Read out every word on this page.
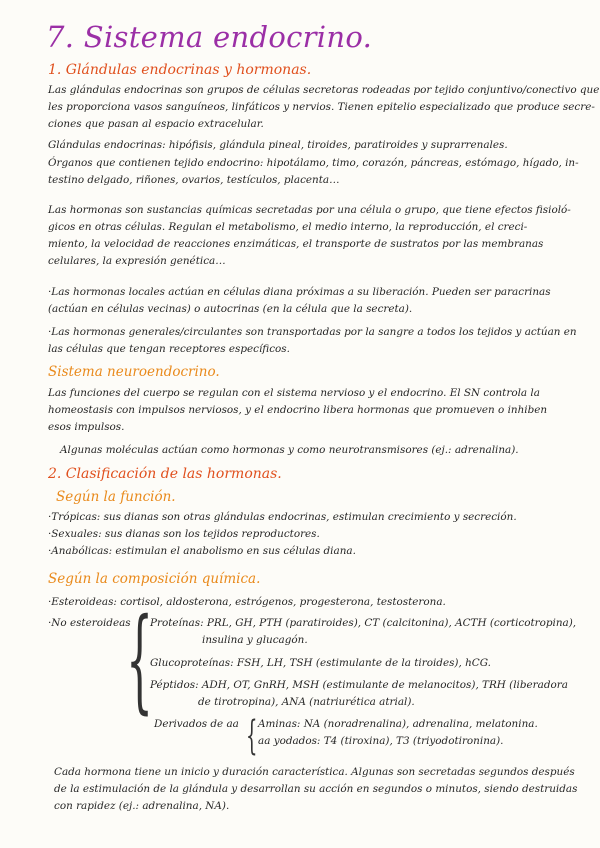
7. Sistema endocrino.
1. Glándulas endocrinas y hormonas.
Las glándulas endocrinas son grupos de células secretoras rodeadas por tejido conjuntivo/conectivo que
les proporciona vasos sanguíneos, linfáticos y nervios. Tienen epitelio especializado que produce secre-
ciones que pasan al espacio extracelular.
Glándulas endocrinas: hipófisis, glándula pineal, tiroides, paratiroides y suprarrenales.
Órganos que contienen tejido endocrino: hipotálamo, timo, corazón, páncreas, estómago, hígado, in-
testino delgado, riñones, ovarios, testículos, placenta…
Las hormonas son sustancias químicas secretadas por una célula o grupo, que tiene efectos fisioló-
gicos en otras células. Regulan el metabolismo, el medio interno, la reproducción, el creci-
miento, la velocidad de reacciones enzimáticas, el transporte de sustratos por las membranas
celulares, la expresión genética…
·Las hormonas locales actúan en células diana próximas a su liberación. Pueden ser paracrinas
(actúan en células vecinas) o autocrinas (en la célula que la secreta).
·Las hormonas generales/circulantes son transportadas por la sangre a todos los tejidos y actúan en
las células que tengan receptores específicos.
Sistema neuroendocrino.
Las funciones del cuerpo se regulan con el sistema nervioso y el endocrino. El SN controla la
homeostasis con impulsos nerviosos, y el endocrino libera hormonas que promueven o inhiben
esos impulsos.
Algunas moléculas actúan como hormonas y como neurotransmisores (ej.: adrenalina).
2. Clasificación de las hormonas.
Según la función.
·Trópicas: sus dianas son otras glándulas endocrinas, estimulan crecimiento y secreción.
·Sexuales: sus dianas son los tejidos reproductores.
·Anabólicas: estimulan el anabolismo en sus células diana.
Según la composición química.
·Esteroideas: cortisol, aldosterona, estrógenos, progesterona, testosterona.
·No esteroideas
{
Proteínas: PRL, GH, PTH (paratiroides), CT (calcitonina), ACTH (corticotropina),
insulina y glucagón.
Glucoproteínas: FSH, LH, TSH (estimulante de la tiroides), hCG.
Péptidos: ADH, OT, GnRH, MSH (estimulante de melanocitos), TRH (liberadora
de tirotropina), ANA (natriurética atrial).
Derivados de aa { Aminas: NA (noradrenalina), adrenalina, melatonina.
aa yodados: T4 (tiroxina), T3 (triyodotironina).
Cada hormona tiene un inicio y duración característica. Algunas son secretadas segundos después
de la estimulación de la glándula y desarrollan su acción en segundos o minutos, siendo destruidas
con rapidez (ej.: adrenalina, NA).
